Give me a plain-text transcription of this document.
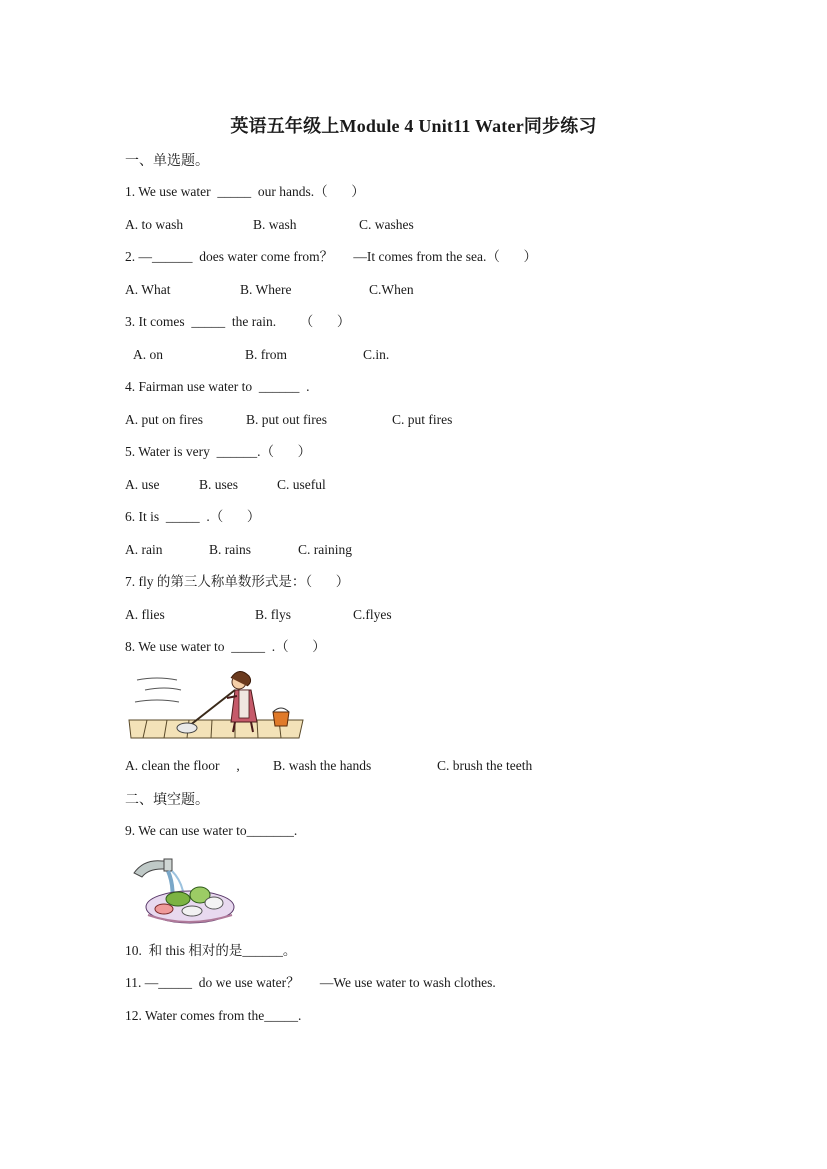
英语五年级上Module 4 Unit11 Water同步练习
一、单选题。
1. We use water  _____  our hands.（       ）
A. to wash	B. wash	C. washes
2. —______  does water come from？      —It comes from the sea.（       ）
A. What	B. Where	C.When
3. It comes  _____  the rain.       （       ）
A. on	B. from	C.in.
4. Fairman use water to  ______  .
A. put on fires	B. put out fires	C. put fires
5. Water is very  ______.（       ）
A. use	B. uses	C. useful
6. It is  _____  .（       ）
A. rain	B. rains	C. raining
7. fly 的第三人称单数形式是：（       ）
A. flies	B. flys	C.flyes
8. We use water to  _____  .（       ）
A. clean the floor     , B. wash the hands	C. brush the teeth
二、填空题。
9. We can use water to_______.
10.  和 this 相对的是______。
11. —_____  do we use water？      —We use water to wash clothes.
12. Water comes from the_____.
